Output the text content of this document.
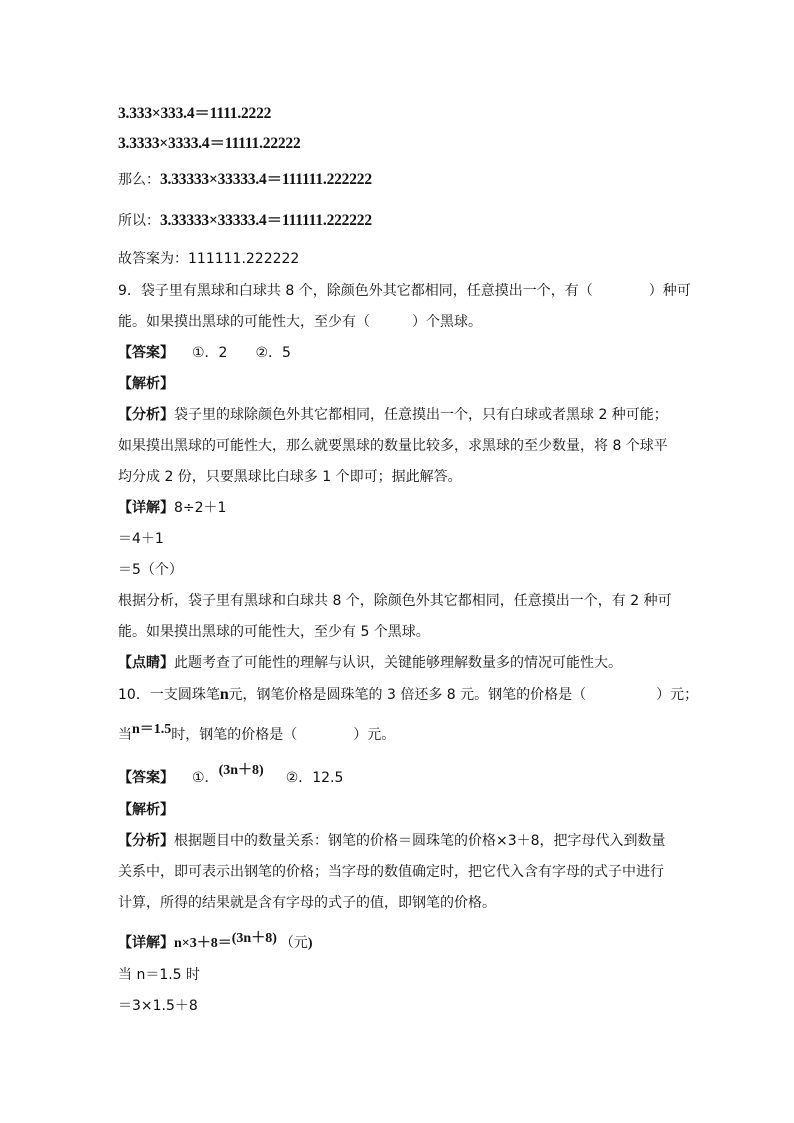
3.333×333.4＝1111.2222
3.3333×3333.4＝11111.22222
那么：3.33333×33333.4＝111111.222222
所以：3.33333×33333.4＝111111.222222
故答案为：111111.222222
9．袋子里有黑球和白球共 8 个，除颜色外其它都相同，任意摸出一个，有（　　　　）种可
能。如果摸出黑球的可能性大，至少有（　　　）个黑球。
【答案】 ①．2　　②．5
【解析】
【分析】袋子里的球除颜色外其它都相同，任意摸出一个，只有白球或者黑球 2 种可能；
如果摸出黑球的可能性大，那么就要黑球的数量比较多，求黑球的至少数量，将 8 个球平
均分成 2 份，只要黑球比白球多 1 个即可；据此解答。
【详解】8÷2＋1
＝4＋1
＝5（个）
根据分析，袋子里有黑球和白球共 8 个，除颜色外其它都相同，任意摸出一个，有 2 种可
能。如果摸出黑球的可能性大，至少有 5 个黑球。
【点睛】此题考查了可能性的理解与认识，关键能够理解数量多的情况可能性大。
10．一支圆珠笔n元，钢笔价格是圆珠笔的 3 倍还多 8 元。钢笔的价格是（　　　　　）元；
当n＝1.5时，钢笔的价格是（　　　　）元。
【答案】 ①．(3n＋8) ②．12.5
【解析】
【分析】根据题目中的数量关系：钢笔的价格＝圆珠笔的价格×3＋8，把字母代入到数量
关系中，即可表示出钢笔的价格；当字母的数值确定时，把它代入含有字母的式子中进行
计算，所得的结果就是含有字母的式子的值，即钢笔的价格。
【详解】n×3＋8＝(3n＋8) （元)
当 n＝1.5 时
＝3×1.5＋8
